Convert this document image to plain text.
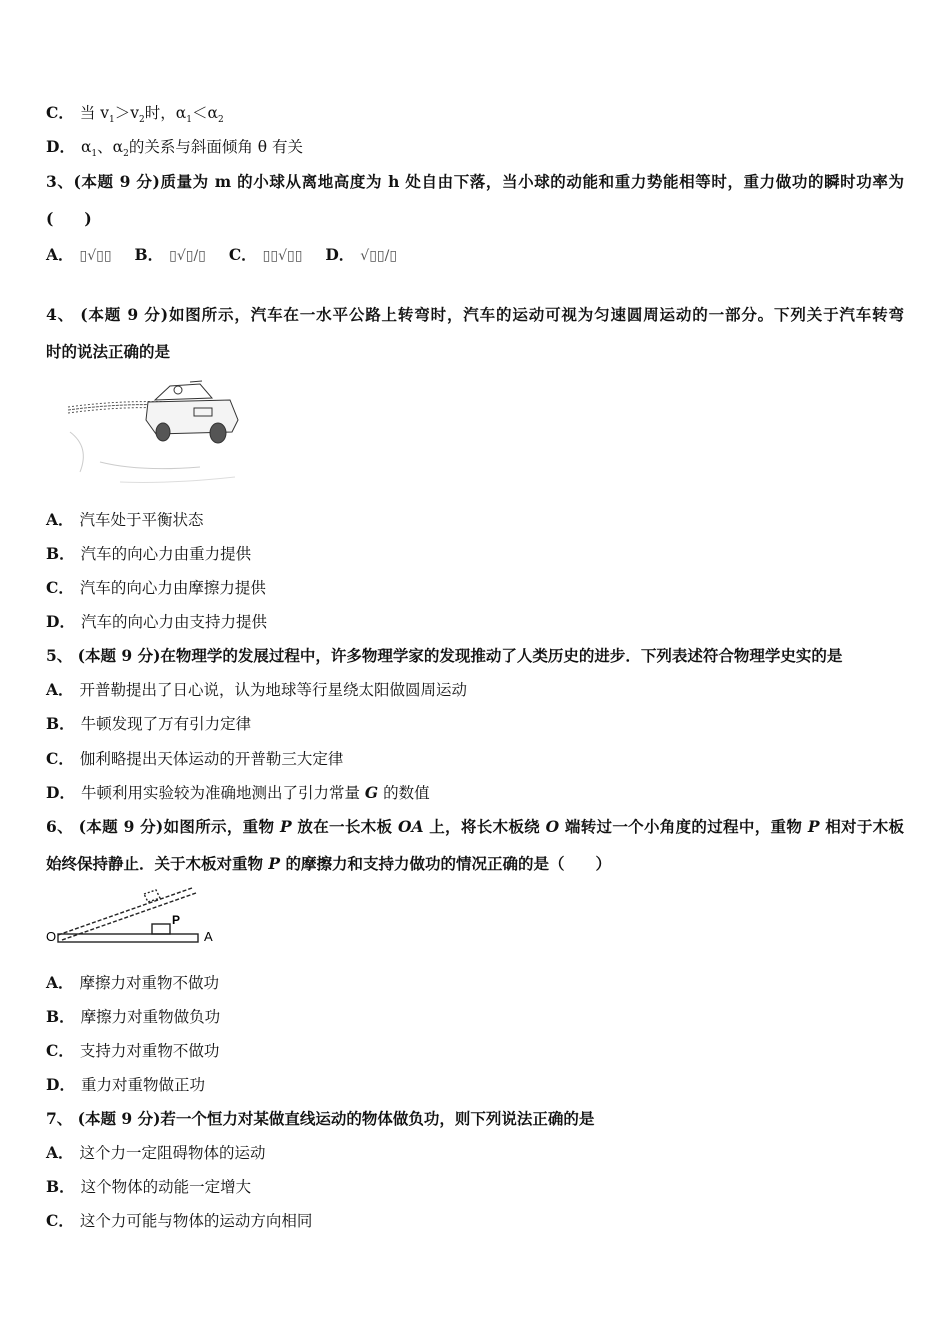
C． 当 $v_1>v_2$时，$\alpha_1<\alpha_2$
D． $\alpha_1$、$\alpha_2$的关系与斜面倾角 θ 有关
3、(本题 9 分)质量为 m 的小球从离地高度为 h 处自由下落，当小球的动能和重力势能相等时，重力做功的瞬时功率为
(　　)
A． ▯√▯▯ B． ▯√▯/▯ C． ▯▯√▯▯ D． √▯▯/▯
4、 (本题 9 分)如图所示，汽车在一水平公路上转弯时，汽车的运动可视为匀速圆周运动的一部分。下列关于汽车转弯
时的说法正确的是
A． 汽车处于平衡状态
B． 汽车的向心力由重力提供
C． 汽车的向心力由摩擦力提供
D． 汽车的向心力由支持力提供
5、 (本题 9 分)在物理学的发展过程中，许多物理学家的发现推动了人类历史的进步．下列表述符合物理学史实的是
A． 开普勒提出了日心说，认为地球等行星绕太阳做圆周运动
B． 牛顿发现了万有引力定律
C． 伽利略提出天体运动的开普勒三大定律
D． 牛顿利用实验较为准确地测出了引力常量 G 的数值
6、 (本题 9 分)如图所示，重物 P 放在一长木板 OA 上，将长木板绕 O 端转过一个小角度的过程中，重物 P 相对于木板
始终保持静止．关于木板对重物 P 的摩擦力和支持力做功的情况正确的是（　　）
O
P
A
A． 摩擦力对重物不做功
B． 摩擦力对重物做负功
C． 支持力对重物不做功
D． 重力对重物做正功
7、 (本题 9 分)若一个恒力对某做直线运动的物体做负功，则下列说法正确的是
A． 这个力一定阻碍物体的运动
B． 这个物体的动能一定增大
C． 这个力可能与物体的运动方向相同
